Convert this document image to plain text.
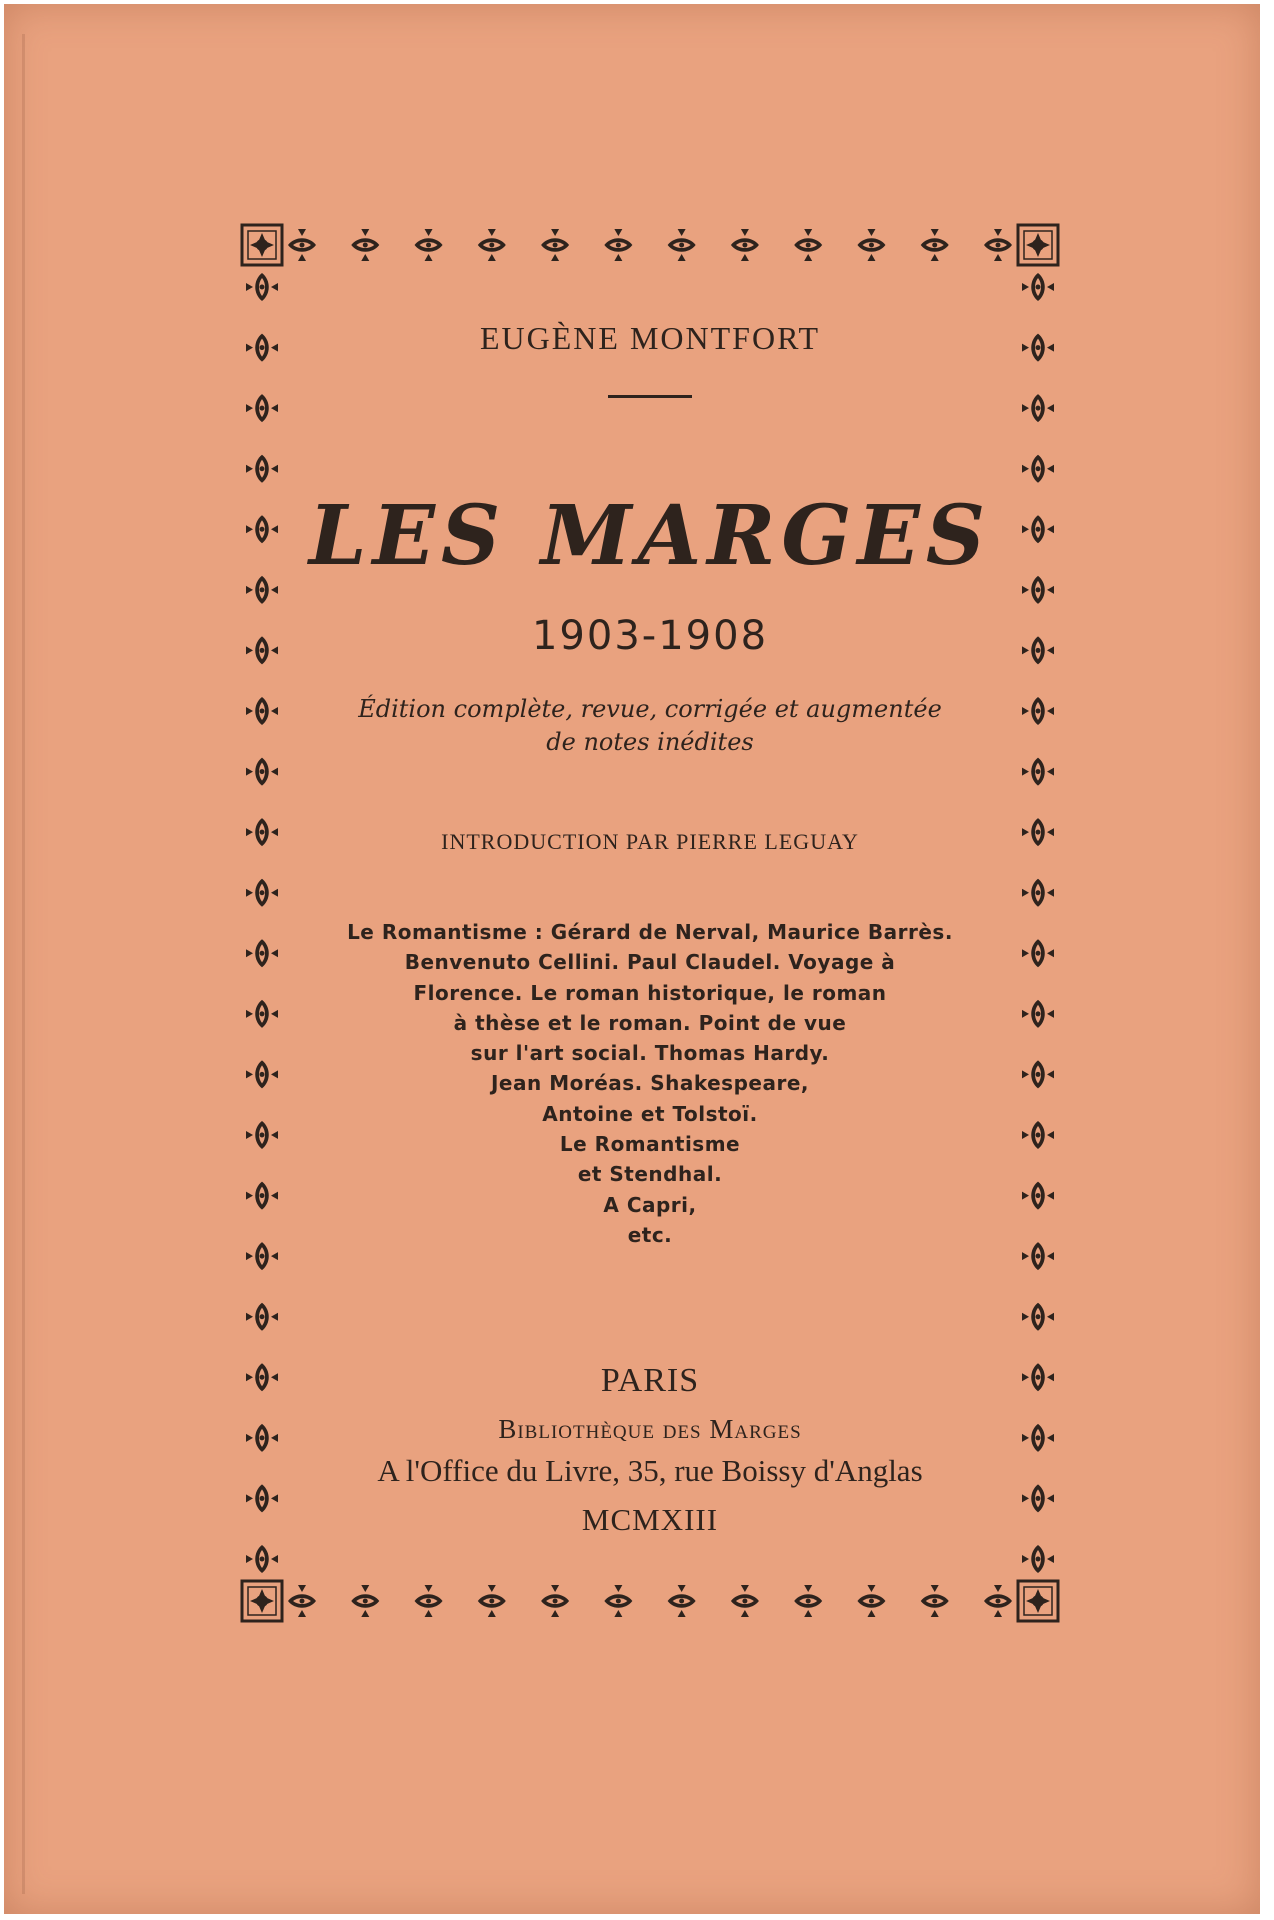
EUGÈNE MONTFORT
LES MARGES
1903-1908
Édition complète, revue, corrigée et augmentée
de notes inédites
INTRODUCTION PAR PIERRE LEGUAY
Le Romantisme : Gérard de Nerval, Maurice Barrès.
Benvenuto Cellini. Paul Claudel. Voyage à
Florence. Le roman historique, le roman
à thèse et le roman. Point de vue
sur l'art social. Thomas Hardy.
Jean Moréas. Shakespeare,
Antoine et Tolstoï.
Le Romantisme
et Stendhal.
A Capri,
etc.
PARIS
Bibliothèque des Marges
A l'Office du Livre, 35, rue Boissy d'Anglas
MCMXIII
